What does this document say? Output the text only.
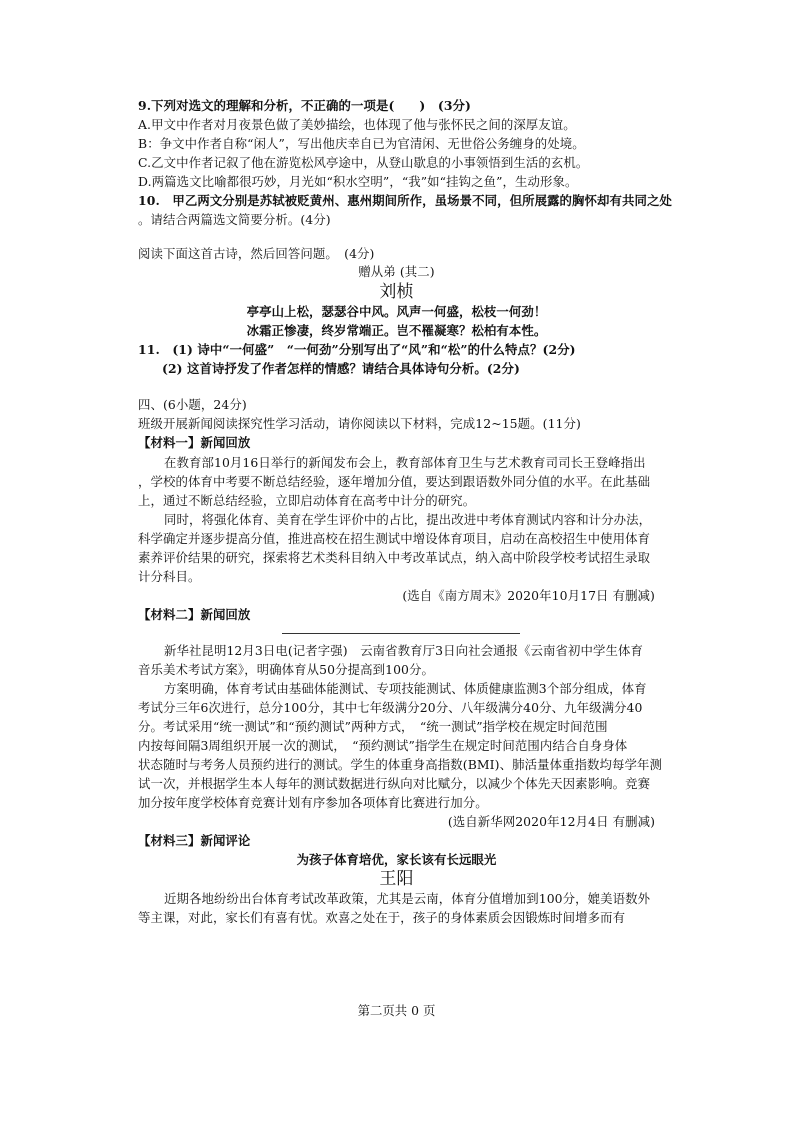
9.下列对选文的理解和分析，不正确的一项是(　　)　(3分)
A.甲文中作者对月夜景色做了美妙描绘，也体现了他与张怀民之间的深厚友谊。
B：争文中作者自称“闲人”，写出他庆幸自已为官清闲、无世俗公务缠身的处境。
C.乙文中作者记叙了他在游览松风亭途中，从登山歇息的小事领悟到生活的玄机。
D.两篇选文比喻都很巧妙，月光如“积水空明”，“我”如“挂钩之鱼”，生动形象。
10.　甲乙两文分别是苏轼被贬黄州、惠州期间所作，虽场景不同，但所展露的胸怀却有共同之处
。请结合两篇选文简要分析。(4分)
阅读下面这首古诗，然后回答问题。　(4分)
赠从弟 (其二)
刘桢
亭亭山上松，瑟瑟谷中风。风声一何盛，松枝一何劲！
冰霜正惨凄，终岁常端正。岂不罹凝寒？松柏有本性。
11.　(1) 诗中“一何盛”　“一何劲”分别写出了“风”和“松”的什么特点？(2分)
(2) 这首诗抒发了作者怎样的情感？请结合具体诗句分析。(2分)
四、(6小题，24分)
班级开展新闻阅读探究性学习活动，请你阅读以下材料，完成12~15题。(11分)
【材料一】新闻回放
在教育部10月16日举行的新闻发布会上，教育部体育卫生与艺术教育司司长王登峰指出
，学校的体育中考要不断总结经验，逐年增加分值，要达到跟语数外同分值的水平。在此基础
上，通过不断总结经验，立即启动体育在高考中计分的研究。
同时，将强化体育、美育在学生评价中的占比，提出改进中考体育测试内容和计分办法，
科学确定并逐步提高分值，推进高校在招生测试中增设体育项目，启动在高校招生中使用体育
素养评价结果的研究，探索将艺术类科目纳入中考改革试点，纳入高中阶段学校考试招生录取
计分科目。
(选自《南方周末》2020年10月17日 有删减)
【材料二】新闻回放
新华社昆明12月3日电(记者字强)　云南省教育厅3日向社会通报《云南省初中学生体育
音乐美术考试方案》，明确体育从50分提高到100分。
方案明确，体育考试由基础体能测试、专项技能测试、体质健康监测3个部分组成，体育
考试分三年6次进行，总分100分，其中七年级满分20分、八年级满分40分、九年级满分40
分。考试采用“统一测试”和“预约测试”两种方式，　“统一测试”指学校在规定时间范围
内按每间隔3周组织开展一次的测试，　“预约测试”指学生在规定时间范围内结合自身身体
状态随时与考务人员预约进行的测试。学生的体重身高指数(BMI)、肺活量体重指数均每学年测
试一次，并根据学生本人每年的测试数据进行纵向对比赋分，以减少个体先天因素影响。竞赛
加分按年度学校体育竞赛计划有序参加各项体育比赛进行加分。
(选自新华网2020年12月4日 有删减)
【材料三】新闻评论
为孩子体育培优，家长该有长远眼光
王阳
近期各地纷纷出台体育考试改革政策，尤其是云南，体育分值增加到100分，媲美语数外
等主课，对此，家长们有喜有忧。欢喜之处在于，孩子的身体素质会因锻炼时间增多而有
第二页共 0 页
